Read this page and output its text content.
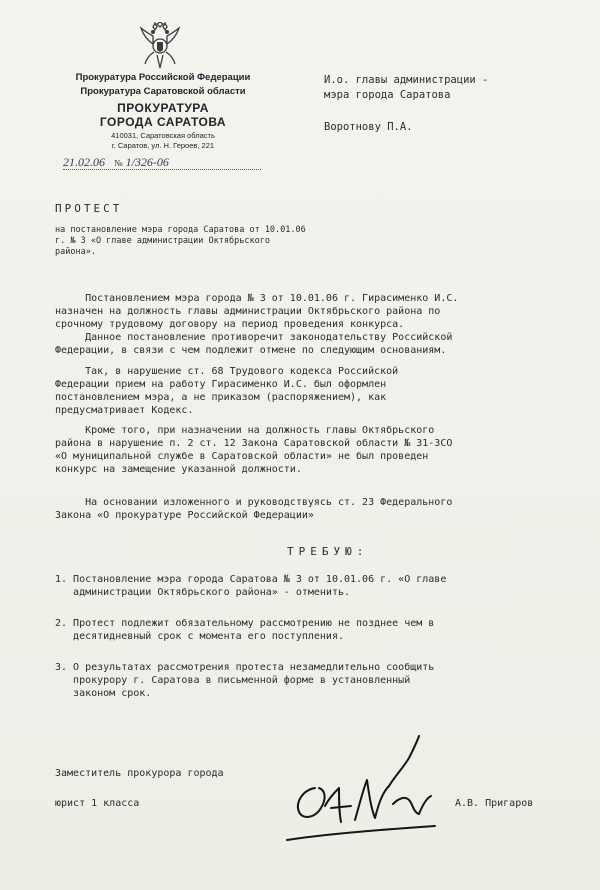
Прокуратура Российской Федерации
Прокуратура Саратовской области
ПРОКУРАТУРА
ГОРОДА САРАТОВА
410031, Саратовская область
г. Саратов, ул. Н. Героев, 221
21.02.06 № 1/326-06
И.о. главы администрации -
мэра города Саратова
Воротнову П.А.
ПРОТЕСТ
на постановление мэра города Саратова от 10.01.06 г. № 3 «О главе администрации Октябрьского района».
Постановлением мэра города № 3 от 10.01.06 г. Гирасименко И.С.
назначен на должность главы администрации Октябрьского района по
срочному трудовому договору на период проведения конкурса.
Данное постановление противоречит законодательству Российской
Федерации, в связи с чем подлежит отмене по следующим основаниям.
Так, в нарушение ст. 68 Трудового кодекса Российской
Федерации прием на работу Гирасименко И.С. был оформлен
постановлением мэра, а не приказом (распоряжением), как
предусматривает Кодекс.
Кроме того, при назначении на должность главы Октябрьского
района в нарушение п. 2 ст. 12 Закона Саратовской области № 31-ЗСО
«О муниципальной службе в Саратовской области» не был проведен
конкурс на замещение указанной должности.
На основании изложенного и руководствуясь ст. 23 Федерального
Закона «О прокуратуре Российской Федерации»
ТРЕБУЮ:
1. Постановление мэра города Саратова № 3 от 10.01.06 г. «О главе
администрации Октябрьского района» - отменить.
2. Протест подлежит обязательному рассмотрению не позднее чем в
десятидневный срок с момента его поступления.
3. О результатах рассмотрения протеста незамедлительно сообщить
прокурору г. Саратова в письменной форме в установленный
законом срок.
Заместитель прокурора города
юрист 1 класса	А.В. Пригаров
